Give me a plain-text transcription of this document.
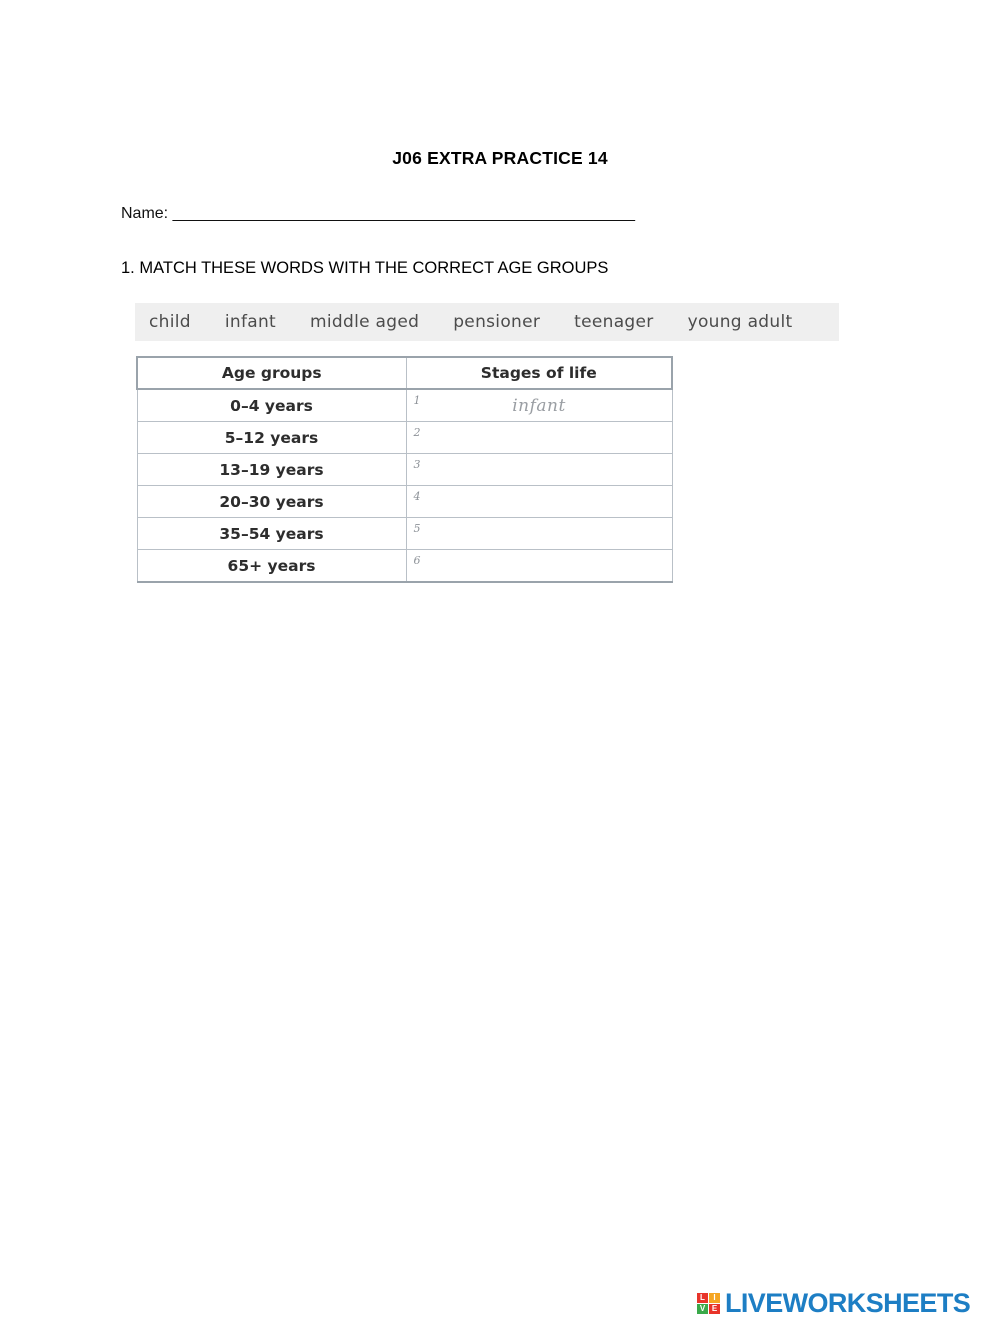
J06 EXTRA PRACTICE 14
Name: _______________________________________________________
1. MATCH THESE WORDS WITH THE CORRECT AGE GROUPS
child infant middle aged pensioner teenager young adult
Age groups	Stages of life
0–4 years	1 infant

5–12 years	2

13–19 years	3

20–30 years	4

35–54 years	5

65+ years	6
L	I
V E LIVEWORKSHEETS
